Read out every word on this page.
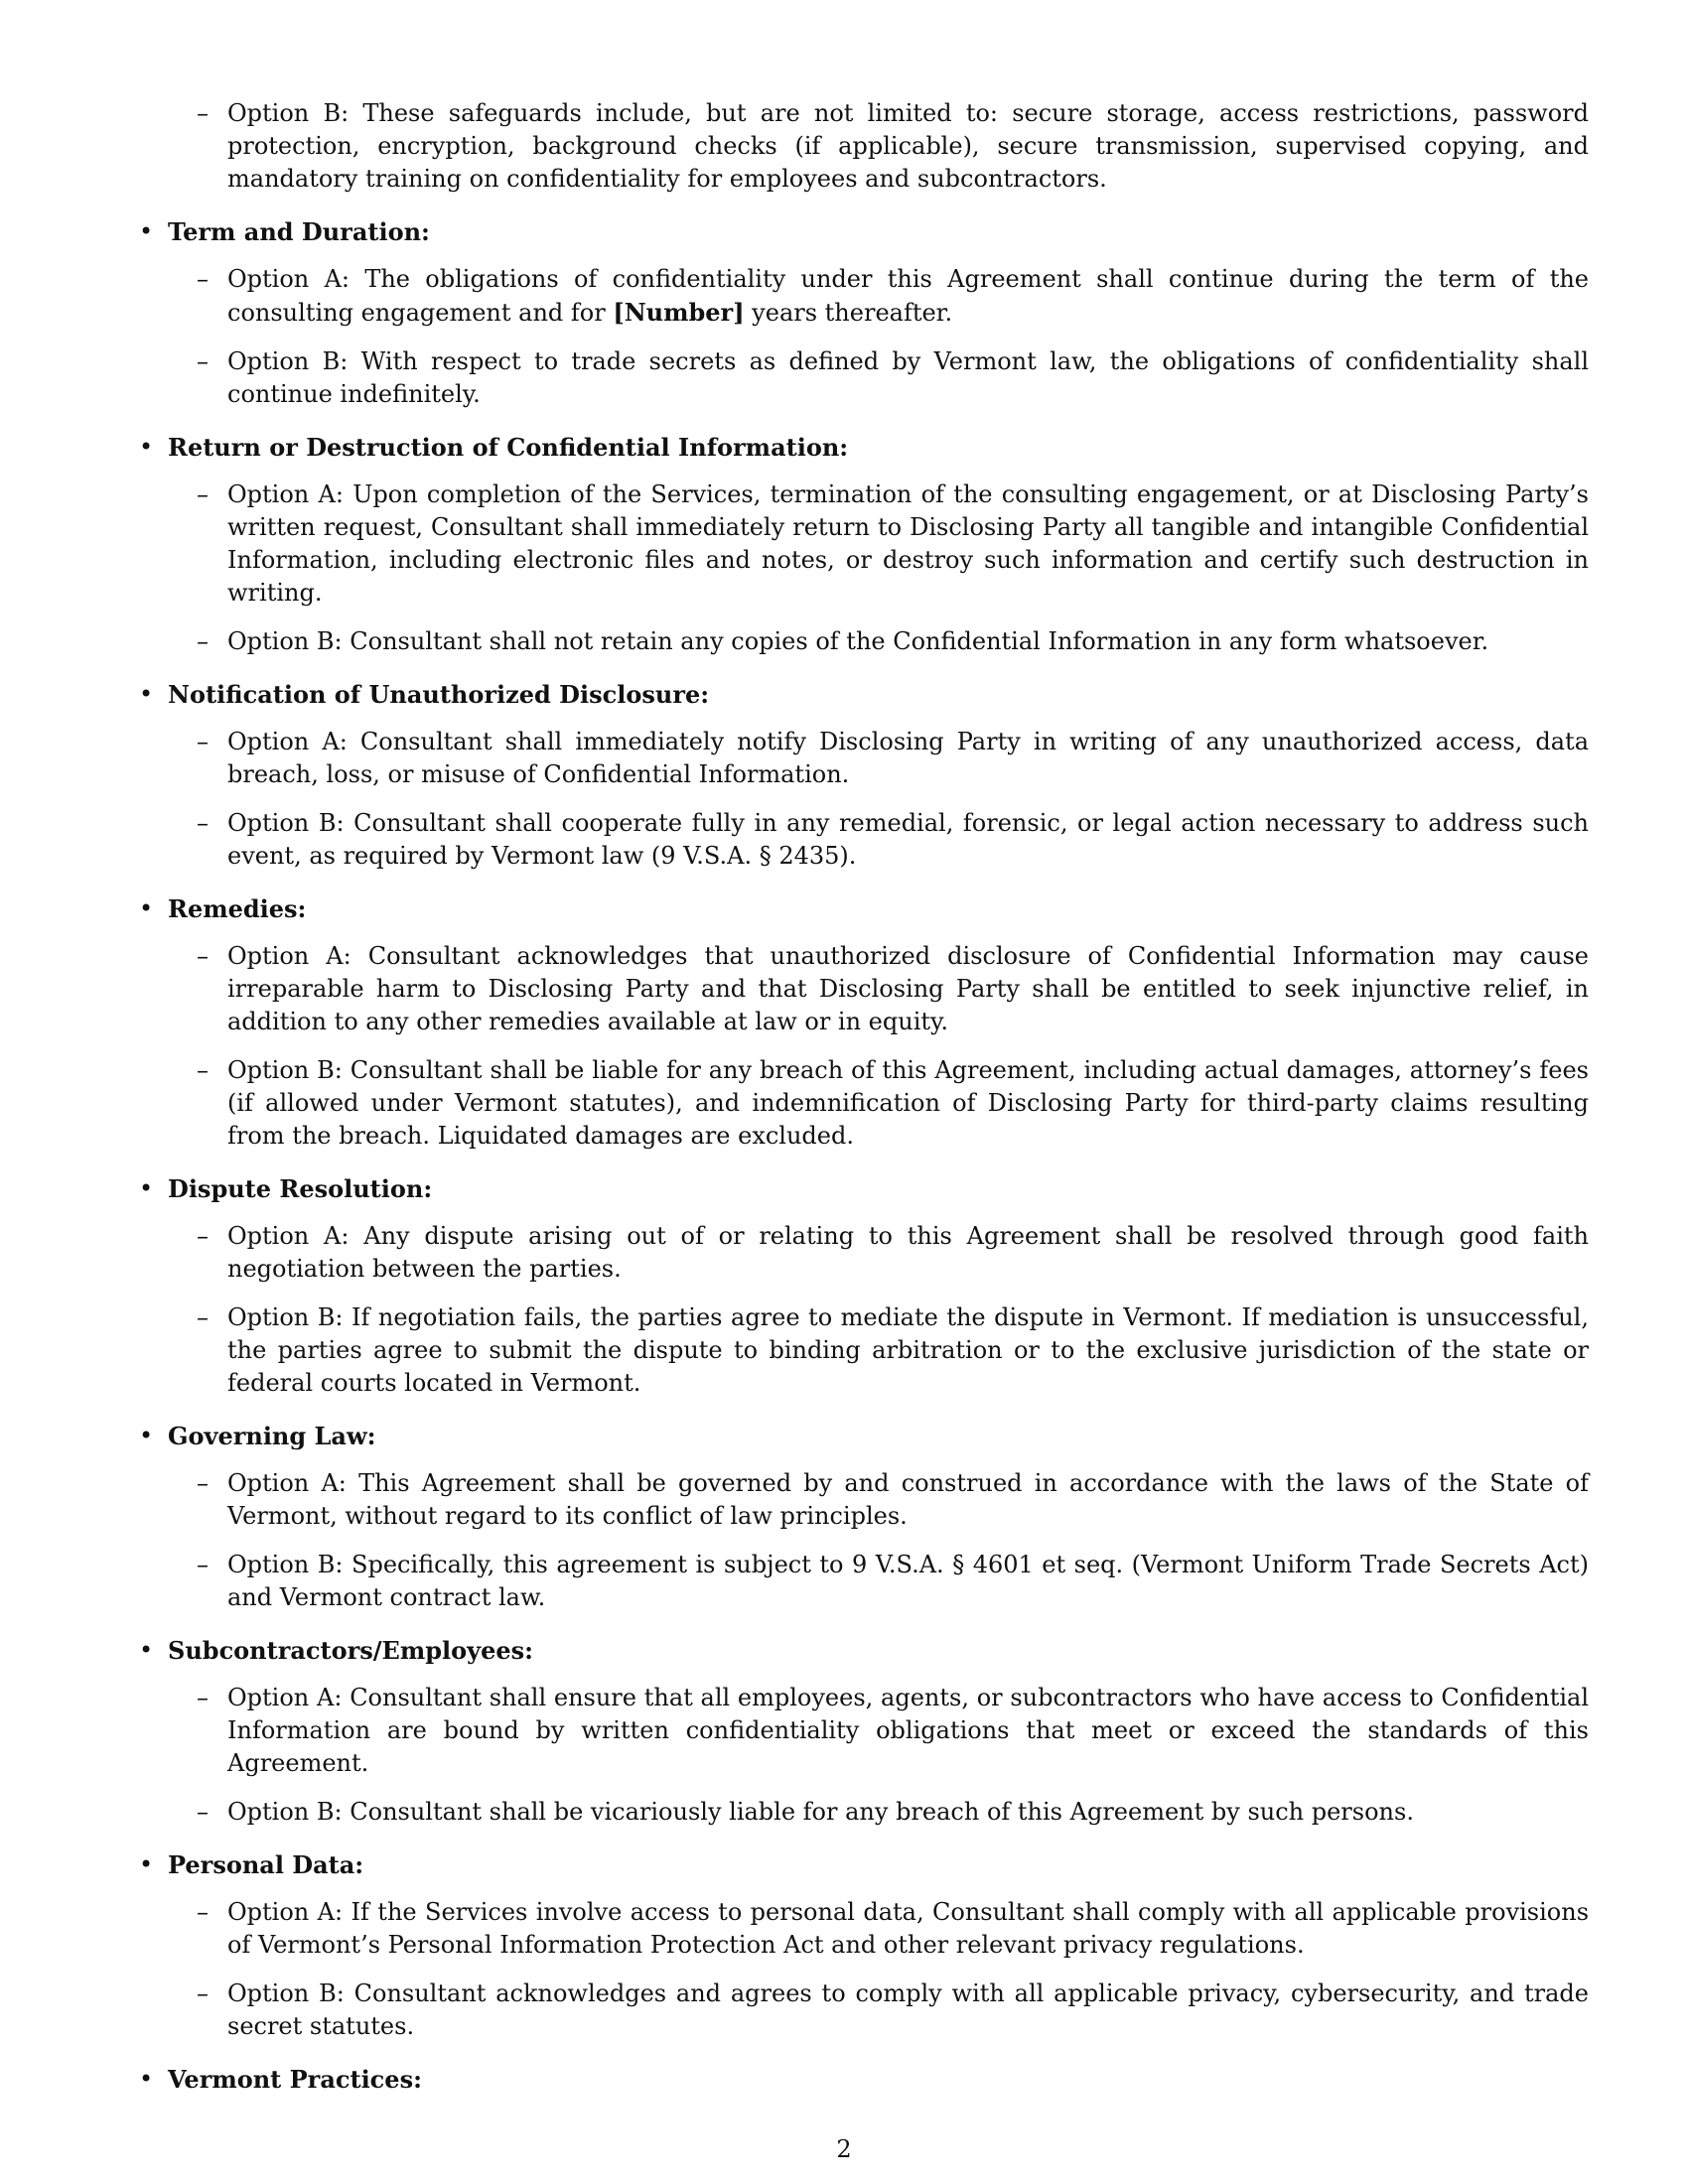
– Option B: These safeguards include, but are not limited to: secure storage, access restrictions, password protection, encryption, background checks (if applicable), secure transmission, supervised copying, and mandatory training on confidentiality for employees and subcontractors.
• Term and Duration:
– Option A: The obligations of confidentiality under this Agreement shall continue during the term of the consulting engagement and for [Number] years thereafter.
– Option B: With respect to trade secrets as defined by Vermont law, the obligations of confidentiality shall continue indefinitely.
• Return or Destruction of Confidential Information:
– Option A: Upon completion of the Services, termination of the consulting engagement, or at Disclosing Party’s written request, Consultant shall immediately return to Disclosing Party all tangible and intangible Confidential Information, including electronic files and notes, or destroy such information and certify such destruction in writing.
– Option B: Consultant shall not retain any copies of the Confidential Information in any form whatsoever.
• Notification of Unauthorized Disclosure:
– Option A: Consultant shall immediately notify Disclosing Party in writing of any unauthorized access, data breach, loss, or misuse of Confidential Information.
– Option B: Consultant shall cooperate fully in any remedial, forensic, or legal action necessary to address such event, as required by Vermont law (9 V.S.A. § 2435).
• Remedies:
– Option A: Consultant acknowledges that unauthorized disclosure of Confidential Information may cause irreparable harm to Disclosing Party and that Disclosing Party shall be entitled to seek injunctive relief, in addition to any other remedies available at law or in equity.
– Option B: Consultant shall be liable for any breach of this Agreement, including actual damages, attorney’s fees (if allowed under Vermont statutes), and indemnification of Disclosing Party for third-party claims resulting from the breach. Liquidated damages are excluded.
• Dispute Resolution:
– Option A: Any dispute arising out of or relating to this Agreement shall be resolved through good faith negotiation between the parties.
– Option B: If negotiation fails, the parties agree to mediate the dispute in Vermont. If mediation is unsuccessful, the parties agree to submit the dispute to binding arbitration or to the exclusive jurisdiction of the state or federal courts located in Vermont.
• Governing Law:
– Option A: This Agreement shall be governed by and construed in accordance with the laws of the State of Vermont, without regard to its conflict of law principles.
– Option B: Specifically, this agreement is subject to 9 V.S.A. § 4601 et seq. (Vermont Uniform Trade Secrets Act) and Vermont contract law.
• Subcontractors/Employees:
– Option A: Consultant shall ensure that all employees, agents, or subcontractors who have access to Confidential Information are bound by written confidentiality obligations that meet or exceed the standards of this Agreement.
– Option B: Consultant shall be vicariously liable for any breach of this Agreement by such persons.
• Personal Data:
– Option A: If the Services involve access to personal data, Consultant shall comply with all applicable provisions of Vermont’s Personal Information Protection Act and other relevant privacy regulations.
– Option B: Consultant acknowledges and agrees to comply with all applicable privacy, cybersecurity, and trade secret statutes.
• Vermont Practices:
2
